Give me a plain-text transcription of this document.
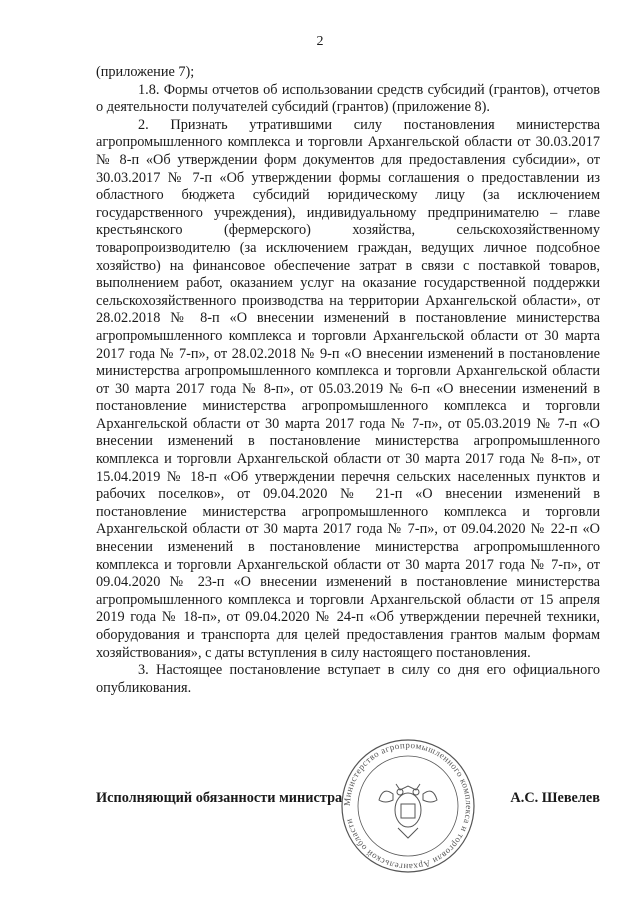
2

(приложение 7);

1.8. Формы отчетов об использовании средств субсидий (грантов), отчетов о деятельности получателей субсидий (грантов) (приложение 8).

2. Признать утратившими силу постановления министерства агропромышленного комплекса и торговли Архангельской области от 30.03.2017 № 8-п «Об утверждении форм документов для предоставления субсидии», от 30.03.2017 № 7-п «Об утверждении формы соглашения о предоставлении из областного бюджета субсидий юридическому лицу (за исключением государственного учреждения), индивидуальному предпринимателю – главе крестьянского (фермерского) хозяйства, сельскохозяйственному товаропроизводителю (за исключением граждан, ведущих личное подсобное хозяйство) на финансовое обеспечение затрат в связи с поставкой товаров, выполнением работ, оказанием услуг на оказание государственной поддержки сельскохозяйственного производства на территории Архангельской области», от 28.02.2018 № 8-п «О внесении изменений в постановление министерства агропромышленного комплекса и торговли Архангельской области от 30 марта 2017 года № 7-п», от 28.02.2018 № 9-п «О внесении изменений в постановление министерства агропромышленного комплекса и торговли Архангельской области от 30 марта 2017 года № 8-п», от 05.03.2019 № 6-п «О внесении изменений в постановление министерства агропромышленного комплекса и торговли Архангельской области от 30 марта 2017 года № 7-п», от 05.03.2019 № 7-п «О внесении изменений в постановление министерства агропромышленного комплекса и торговли Архангельской области от 30 марта 2017 года № 8-п», от 15.04.2019 № 18-п «Об утверждении перечня сельских населенных пунктов и рабочих поселков», от 09.04.2020 № 21-п «О внесении изменений в постановление министерства агропромышленного комплекса и торговли Архангельской области от 30 марта 2017 года № 7-п», от 09.04.2020 № 22-п «О внесении изменений в постановление министерства агропромышленного комплекса и торговли Архангельской области от 30 марта 2017 года № 7-п», от 09.04.2020 № 23-п «О внесении изменений в постановление министерства агропромышленного комплекса и торговли Архангельской области от 15 апреля 2019 года № 18-п», от 09.04.2020 № 24-п «Об утверждении перечней техники, оборудования и транспорта для целей предоставления грантов малым формам хозяйствования», с даты вступления в силу настоящего постановления.

3. Настоящее постановление вступает в силу со дня его официального опубликования.

Министерство агропромышленного комплекса и торговли Архангельской области
Исполняющий обязанности министра	А.С. Шевелев
